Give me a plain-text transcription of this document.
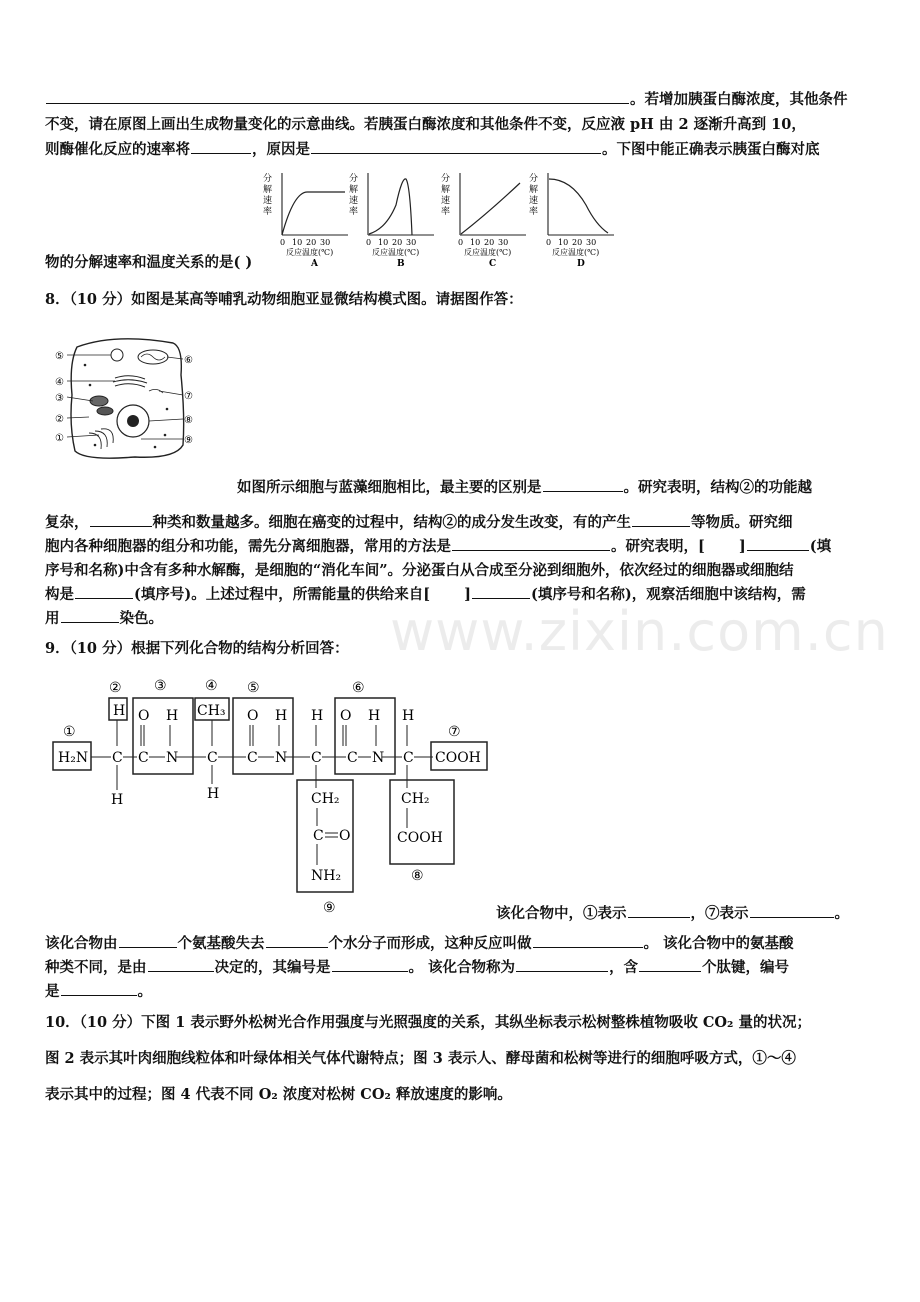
。若增加胰蛋白酶浓度，其他条件
不变，请在原图上画出生成物量变化的示意曲线。若胰蛋白酶浓度和其他条件不变，反应液 pH 由 2 逐渐升高到 10，
则酶催化反应的速率将	，原因是	。下图中能正确表示胰蛋白酶对底
分
解
速
率
0 10 20 30
反应温度(℃)
A
分
解
速
率
0 10 20 30
反应温度(℃)
B
分
解
速
率
0 10 20 30
反应温度(℃)
C
分
解
速
率
0 10 20 30
反应温度(℃)
D
物的分解速率和温度关系的是( )
8．（10 分）如图是某高等哺乳动物细胞亚显微结构模式图。请据图作答：
⑤
④
③
②
①
⑥
⑦
⑧
⑨
如图所示细胞与蓝藻细胞相比，最主要的区别是	。研究表明，结构②的功能越
复杂，	种类和数量越多。细胞在癌变的过程中，结构②的成分发生改变，有的产生	等物质。研究细
胞内各种细胞器的组分和功能，需先分离细胞器，常用的方法是	。研究表明，[ ]	(填
序号和名称)中含有多种水解酶，是细胞的“消化车间”。分泌蛋白从合成至分泌到细胞外，依次经过的细胞器或细胞结
构是	(填序号)。上述过程中，所需能量的供给来自[ ]	(填序号和名称)，观察活细胞中该结构，需
用	染色。
9．（10 分）根据下列化合物的结构分析回答：
①
② ③	④ ⑤	⑥
⑦
⑧
⑨
H₂N
H
C
H
O
C
H
N
CH₃
C
H
O
C
H
N
H
C
O
C
H
N
H
C COOH
CH₂
C O
NH₂
CH₂
COOH
该化合物中，①表示	，⑦表示	。
该化合物由	个氨基酸失去	个水分子而形成，这种反应叫做	。 该化合物中的氨基酸
种类不同，是由	决定的，其编号是	。 该化合物称为	，含	个肽键，编号
是	。
10．（10 分）下图 1 表示野外松树光合作用强度与光照强度的关系，其纵坐标表示松树整株植物吸收 CO₂ 量的状况；
图 2 表示其叶肉细胞线粒体和叶绿体相关气体代谢特点；图 3 表示人、酵母菌和松树等进行的细胞呼吸方式，①～④
表示其中的过程；图 4 代表不同 O₂ 浓度对松树 CO₂ 释放速度的影响。
www.zixin.com.cn
